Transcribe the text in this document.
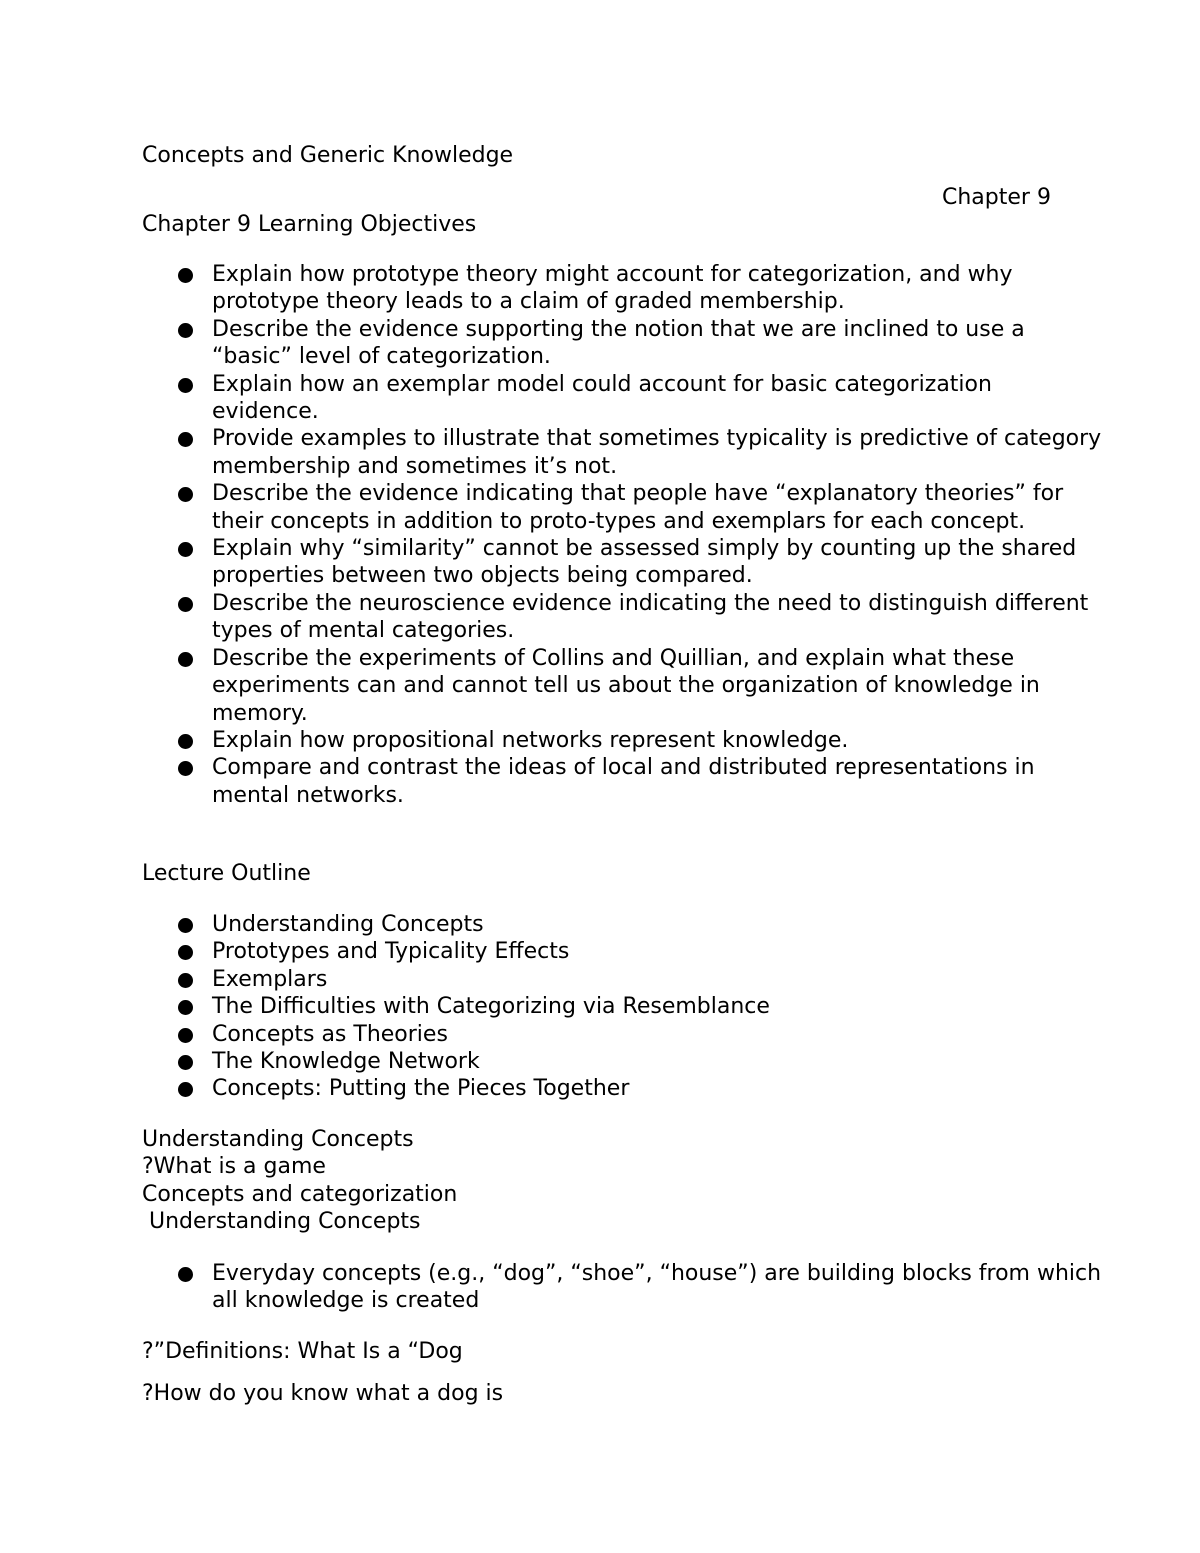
Concepts and Generic Knowledge
Chapter 9
Chapter 9 Learning Objectives
Explain how prototype theory might account for categorization, and why prototype theory leads to a claim of graded membership.
Describe the evidence supporting the notion that we are inclined to use a “basic” level of categorization.
Explain how an exemplar model could account for basic categorization evidence.
Provide examples to illustrate that sometimes typicality is predictive of category membership and sometimes it’s not.
Describe the evidence indicating that people have “explanatory theories” for their concepts in addition to proto-types and exemplars for each concept.
Explain why “similarity” cannot be assessed simply by counting up the shared properties between two objects being compared.
Describe the neuroscience evidence indicating the need to distinguish different types of mental categories.
Describe the experiments of Collins and Quillian, and explain what these experiments can and cannot tell us about the organization of knowledge in memory.
Explain how propositional networks represent knowledge.
Compare and contrast the ideas of local and distributed representations in mental networks.
Lecture Outline
Understanding Concepts
Prototypes and Typicality Effects
Exemplars
The Difficulties with Categorizing via Resemblance
Concepts as Theories
The Knowledge Network
Concepts: Putting the Pieces Together
Understanding Concepts
?What is a game
Concepts and categorization
Understanding Concepts
Everyday concepts (e.g., “dog”, “shoe”, “house”) are building blocks from which all knowledge is created
?”Definitions: What Is a “Dog
?How do you know what a dog is
